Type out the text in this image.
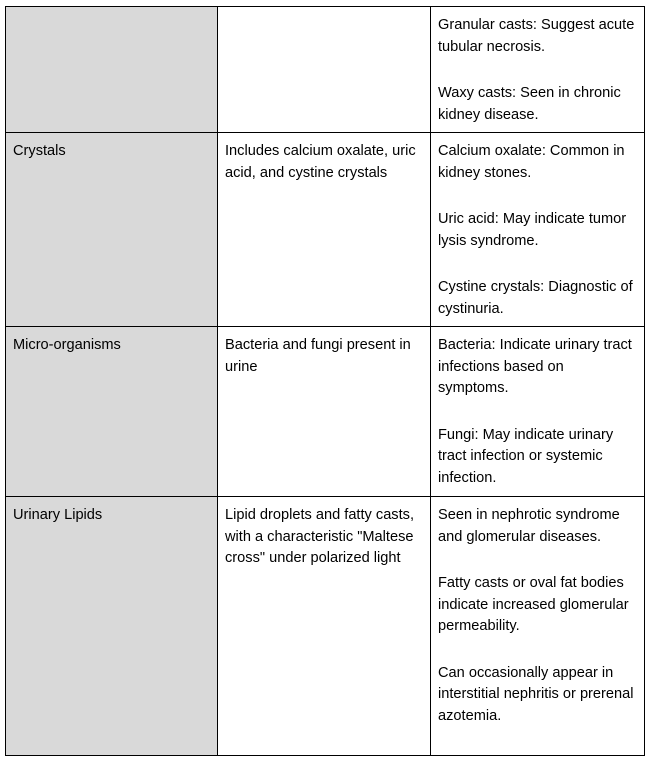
		Granular casts: Suggest acute tubular necrosis.

Waxy casts: Seen in chronic kidney disease.

Crystals	Includes calcium oxalate, uric acid, and cystine crystals	Calcium oxalate: Common in kidney stones.

Uric acid: May indicate tumor lysis syndrome.

Cystine crystals: Diagnostic of cystinuria.

Micro-organisms	Bacteria and fungi present in urine	Bacteria: Indicate urinary tract infections based on symptoms.

Fungi: May indicate urinary tract infection or systemic infection.

Urinary Lipids	Lipid droplets and fatty casts, with a characteristic "Maltese cross" under polarized light	Seen in nephrotic syndrome and glomerular diseases.

Fatty casts or oval fat bodies indicate increased glomerular permeability.

Can occasionally appear in interstitial nephritis or prerenal azotemia.
